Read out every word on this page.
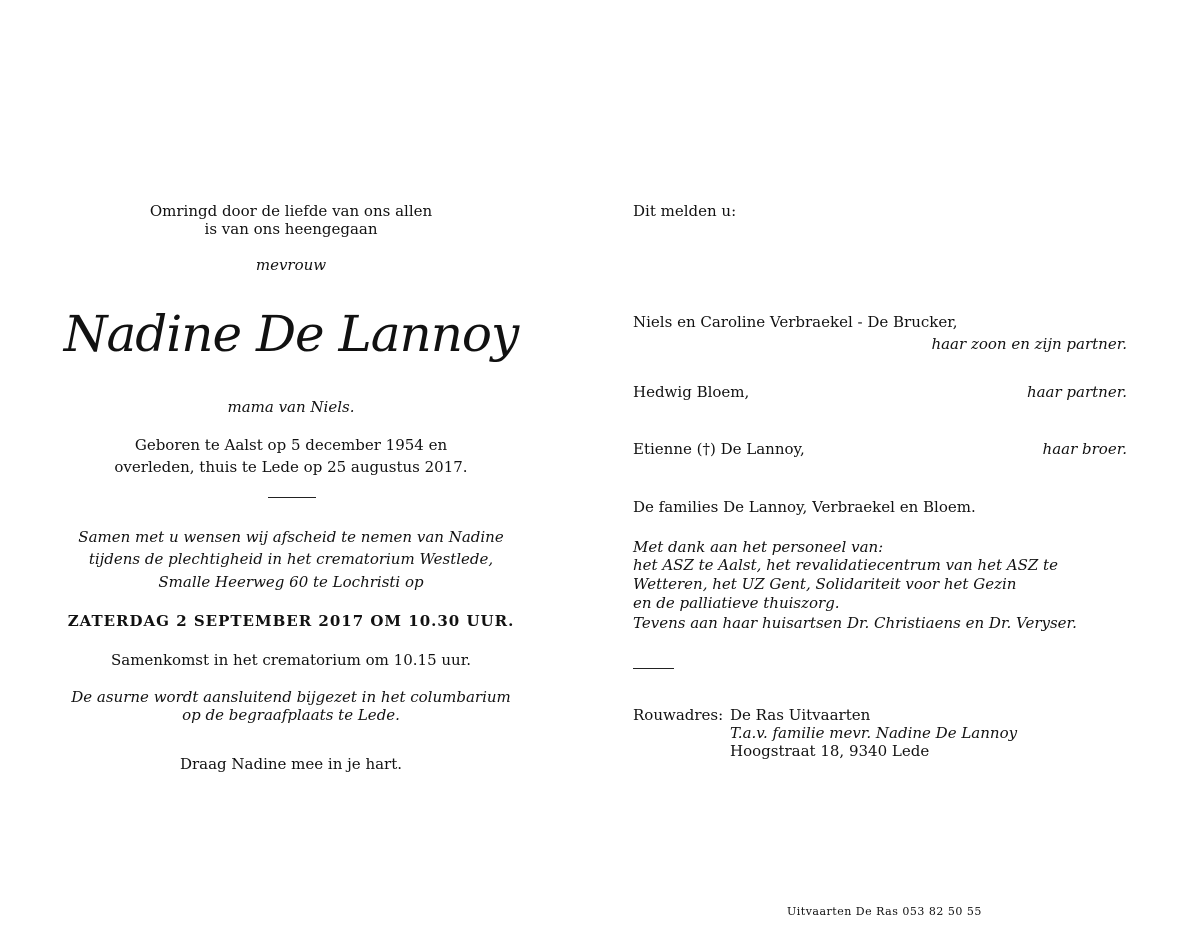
Omringd door de liefde van ons allen
is van ons heengegaan
mevrouw
Nadine De Lannoy
mama van Niels.
Geboren te Aalst op 5 december 1954 en
overleden, thuis te Lede op 25 augustus 2017.
Samen met u wensen wij afscheid te nemen van Nadine
tijdens de plechtigheid in het crematorium Westlede,
Smalle Heerweg 60 te Lochristi op
ZATERDAG 2 SEPTEMBER 2017 OM 10.30 UUR.
Samenkomst in het crematorium om 10.15 uur.
De asurne wordt aansluitend bijgezet in het columbarium
op de begraafplaats te Lede.
Draag Nadine mee in je hart.
Dit melden u:
Niels en Caroline Verbraekel - De Brucker,
haar zoon en zijn partner.
Hedwig Bloem,	haar partner.
Etienne (†) De Lannoy,	haar broer.
De families De Lannoy, Verbraekel en Bloem.
Met dank aan het personeel van:
het ASZ te Aalst, het revalidatiecentrum van het ASZ te
Wetteren, het UZ Gent, Solidariteit voor het Gezin
en de palliatieve thuiszorg.
Tevens aan haar huisartsen Dr. Christiaens en Dr. Veryser.
Rouwadres: De Ras Uitvaarten
T.a.v. familie mevr. Nadine De Lannoy
Hoogstraat 18, 9340 Lede
Uitvaarten De Ras 053 82 50 55
